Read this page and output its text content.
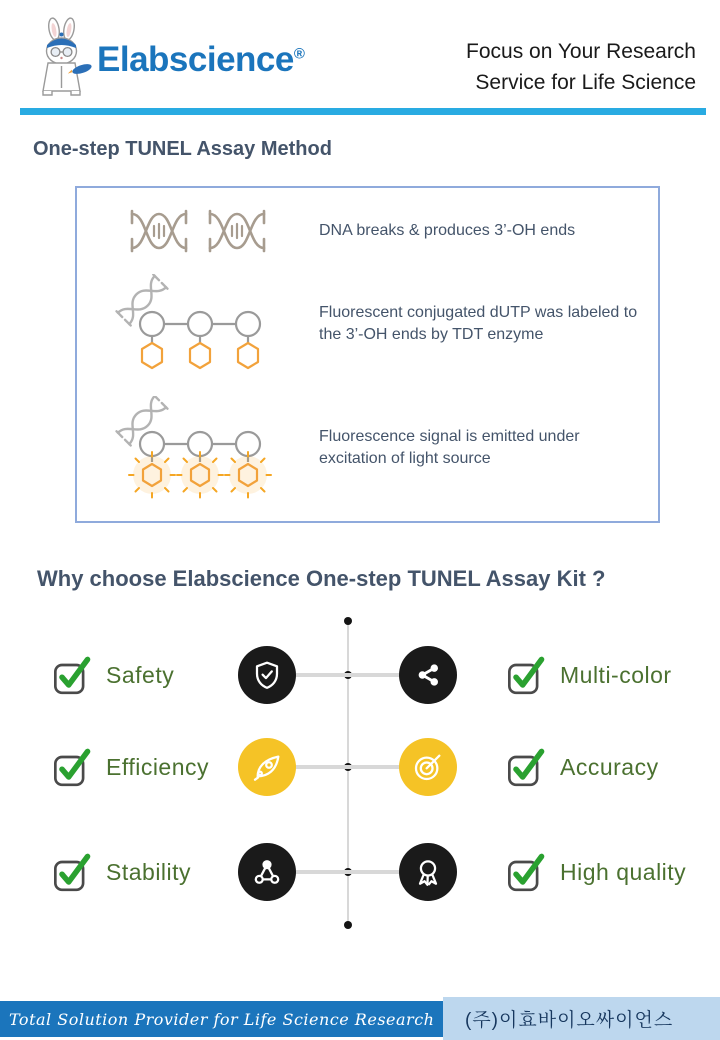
Elabscience®	Focus on Your Research
Service for Life Science
One-step TUNEL Assay Method
DNA breaks & produces 3’-OH ends
Fluorescent conjugated dUTP was labeled to the 3’-OH ends by TDT enzyme
Fluorescence signal is emitted under excitation of light source
Why choose Elabscience One-step TUNEL Assay Kit ?
Safety
Efficiency
Stability
Multi-color
Accuracy
High quality
(주)이효바이오싸이언스
Total Solution Provider for Life Science Research
